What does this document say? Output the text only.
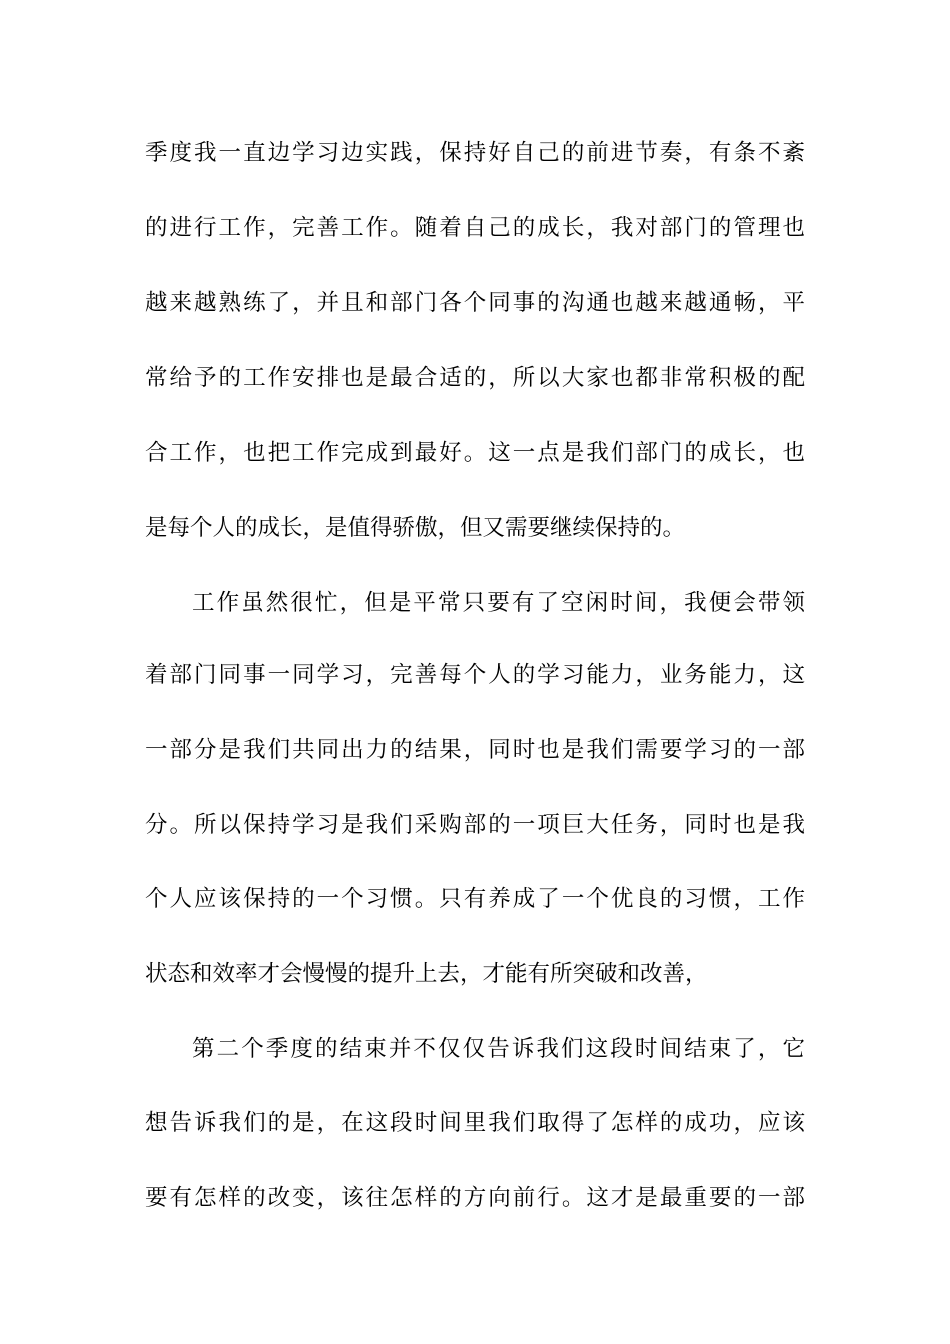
季度我一直边学习边实践，保持好自己的前进节奏，有条不紊
的进行工作，完善工作。随着自己的成长，我对部门的管理也
越来越熟练了，并且和部门各个同事的沟通也越来越通畅，平
常给予的工作安排也是最合适的，所以大家也都非常积极的配
合工作，也把工作完成到最好。这一点是我们部门的成长，也
是每个人的成长，是值得骄傲，但又需要继续保持的。
工作虽然很忙，但是平常只要有了空闲时间，我便会带领
着部门同事一同学习，完善每个人的学习能力，业务能力，这
一部分是我们共同出力的结果，同时也是我们需要学习的一部
分。所以保持学习是我们采购部的一项巨大任务，同时也是我
个人应该保持的一个习惯。只有养成了一个优良的习惯，工作
状态和效率才会慢慢的提升上去，才能有所突破和改善，
第二个季度的结束并不仅仅告诉我们这段时间结束了，它
想告诉我们的是，在这段时间里我们取得了怎样的成功，应该
要有怎样的改变，该往怎样的方向前行。这才是最重要的一部
